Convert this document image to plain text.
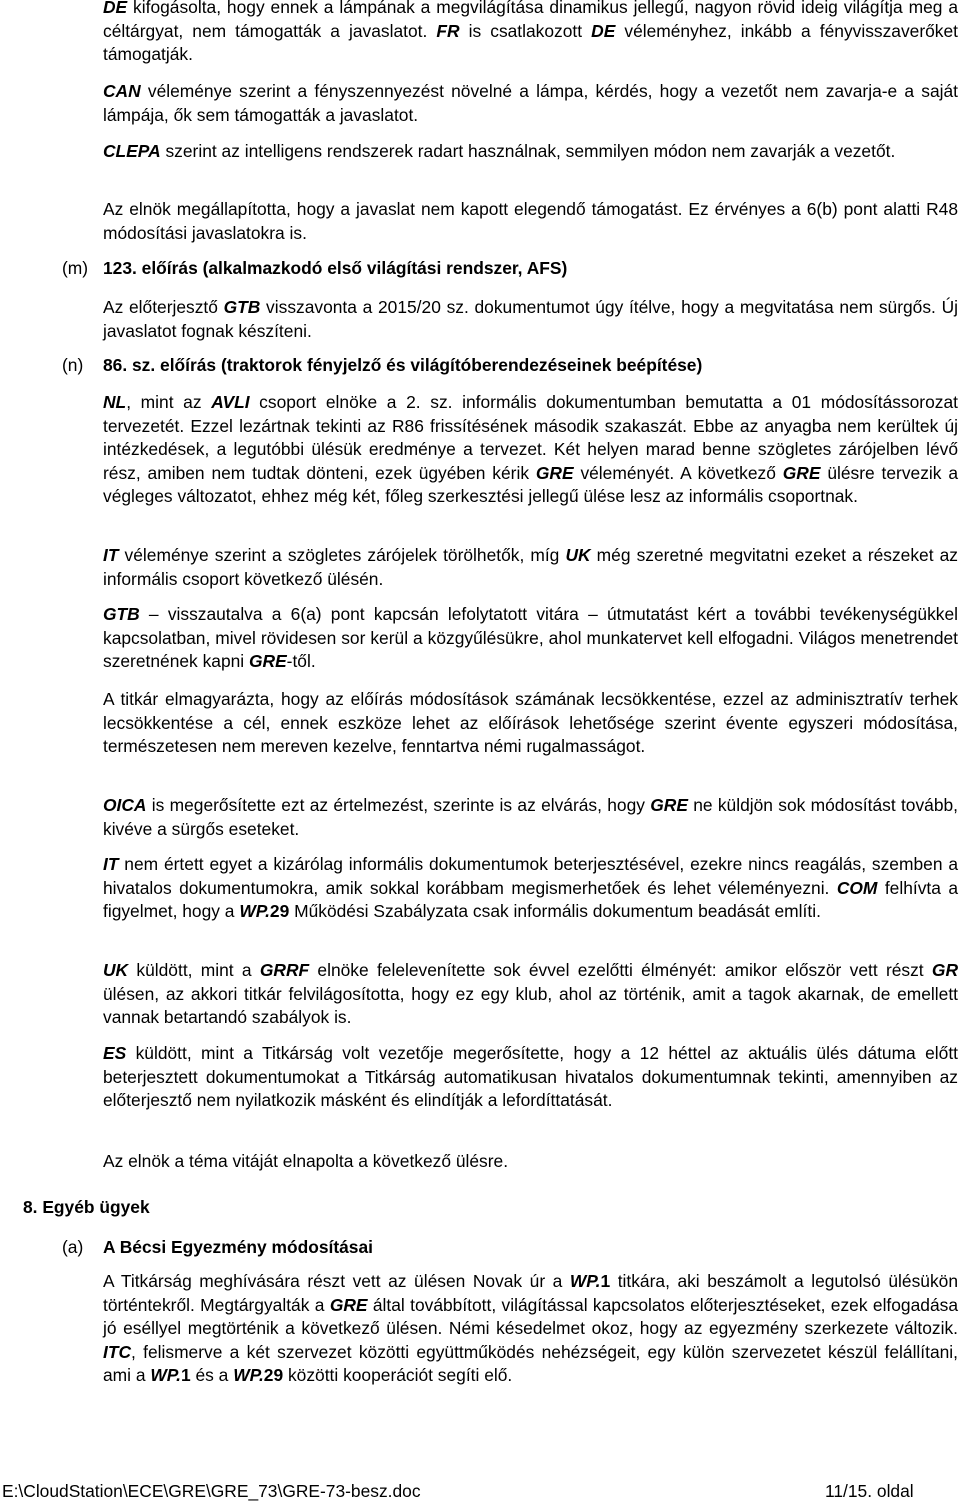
DE kifogásolta, hogy ennek a lámpának a megvilágítása dinamikus jellegű, nagyon rövid ideig világítja meg a céltárgyat, nem támogatták a javaslatot. FR is csatlakozott DE véleményhez, inkább a fényvisszaverőket támogatják.

CAN véleménye szerint a fényszennyezést növelné a lámpa, kérdés, hogy a vezetőt nem zavarja-e a saját lámpája, ők sem támogatták a javaslatot.

CLEPA szerint az intelligens rendszerek radart használnak, semmilyen módon nem zavarják a vezetőt.

Az elnök megállapította, hogy a javaslat nem kapott elegendő támogatást. Ez érvényes a 6(b) pont alatti R48 módosítási javaslatokra is.

(m) 123. előírás (alkalmazkodó első világítási rendszer, AFS)

Az előterjesztő GTB visszavonta a 2015/20 sz. dokumentumot úgy ítélve, hogy a megvitatása nem sürgős. Új javaslatot fognak készíteni.

(n) 86. sz. előírás (traktorok fényjelző és világítóberendezéseinek beépítése)

NL, mint az AVLI csoport elnöke a 2. sz. informális dokumentumban bemutatta a 01 módosítássorozat tervezetét. Ezzel lezártnak tekinti az R86 frissítésének második szakaszát. Ebbe az anyagba nem kerültek új intézkedések, a legutóbbi ülésük eredménye a tervezet. Két helyen marad benne szögletes zárójelben lévő rész, amiben nem tudtak dönteni, ezek ügyében kérik GRE véleményét. A következő GRE ülésre tervezik a végleges változatot, ehhez még két, főleg szerkesztési jellegű ülése lesz az informális csoportnak.

IT véleménye szerint a szögletes zárójelek törölhetők, míg UK még szeretné megvitatni ezeket a részeket az informális csoport következő ülésén.

GTB – visszautalva a 6(a) pont kapcsán lefolytatott vitára – útmutatást kért a további tevékenységükkel kapcsolatban, mivel rövidesen sor kerül a közgyűlésükre, ahol munkatervet kell elfogadni. Világos menetrendet szeretnének kapni GRE-től.

A titkár elmagyarázta, hogy az előírás módosítások számának lecsökkentése, ezzel az adminisztratív terhek lecsökkentése a cél, ennek eszköze lehet az előírások lehetősége szerint évente egyszeri módosítása, természetesen nem mereven kezelve, fenntartva némi rugalmasságot.

OICA is megerősítette ezt az értelmezést, szerinte is az elvárás, hogy GRE ne küldjön sok módosítást tovább, kivéve a sürgős eseteket.

IT nem értett egyet a kizárólag informális dokumentumok beterjesztésével, ezekre nincs reagálás, szemben a hivatalos dokumentumokra, amik sokkal korábbam megismerhetőek és lehet véleményezni. COM felhívta a figyelmet, hogy a WP.29 Működési Szabályzata csak informális dokumentum beadását említi.

UK küldött, mint a GRRF elnöke felelevenítette sok évvel ezelőtti élményét: amikor először vett részt GR ülésen, az akkori titkár felvilágosította, hogy ez egy klub, ahol az történik, amit a tagok akarnak, de emellett vannak betartandó szabályok is.

ES küldött, mint a Titkárság volt vezetője megerősítette, hogy a 12 héttel az aktuális ülés dátuma előtt beterjesztett dokumentumokat a Titkárság automatikusan hivatalos dokumentumnak tekinti, amennyiben az előterjesztő nem nyilatkozik másként és elindítják a lefordíttatását.

Az elnök a téma vitáját elnapolta a következő ülésre.

8. Egyéb ügyek
(a) A Bécsi Egyezmény módosításai

A Titkárság meghívására részt vett az ülésen Novak úr a WP.1 titkára, aki beszámolt a legutolsó ülésükön történtekről. Megtárgyalták a GRE által továbbított, világítással kapcsolatos előterjesztéseket, ezek elfogadása jó eséllyel megtörténik a következő ülésen. Némi késedelmet okoz, hogy az egyezmény szerkezete változik. ITC, felismerve a két szervezet közötti együttműködés nehézségeit, egy külön szervezetet készül felállítani, ami a WP.1 és a WP.29 közötti kooperációt segíti elő.

E:\CloudStation\ECE\GRE\GRE_73\GRE-73-besz.doc	11/15. oldal
